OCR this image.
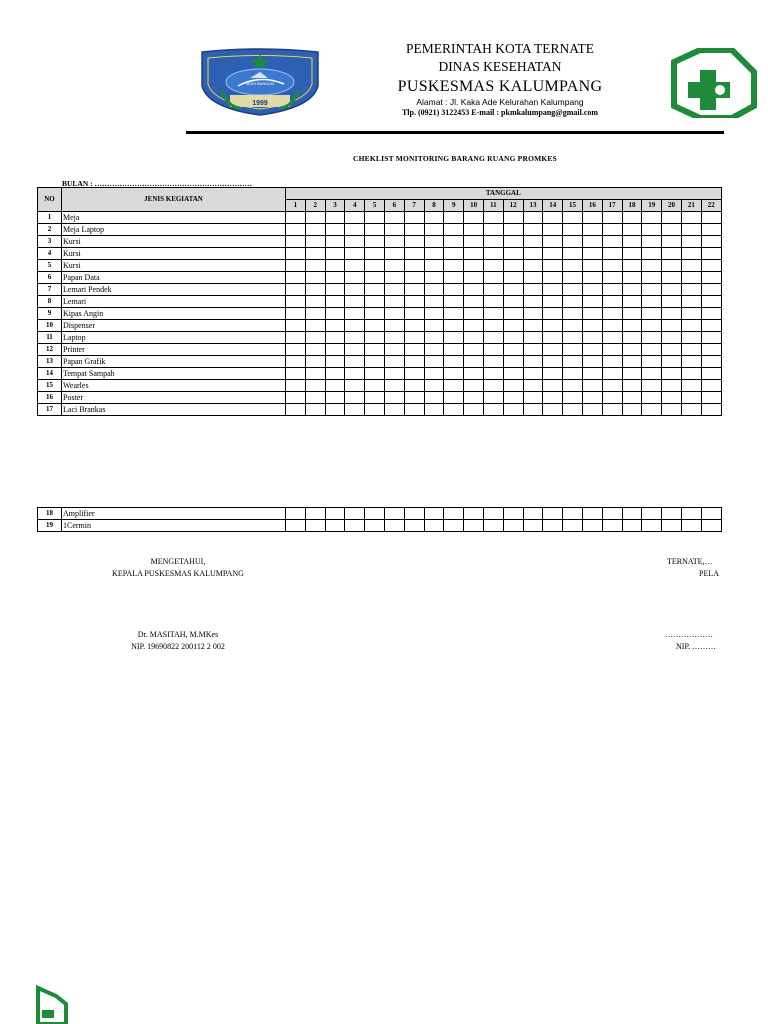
MARI BANGUN
1999
PEMERINTAH KOTA TERNATE
DINAS KESEHATAN
PUSKESMAS KALUMPANG
Alamat : Jl. Kaka Ade Kelurahan Kalumpang
Tlp. (0921) 3122453 E-mail : pkmkalumpang@gmail.com
CHEKLIST MONITORING BARANG RUANG PROMKES
BULAN : ………………………………………………………
NO	JENIS KEGIATAN	TANGGAL																					
		1	2	3	4	5	6	7	8	9	10	11	12	13	14	15	16	17	18	19	20	21	22
1	Meja																						
2	Meja Laptop																						
3	Kursi																						
4	Kursi																						
5	Kursi																						
6	Papan Data																						
7	Lemari Pendek																						
8	Lemari																						
9	Kipas Angin																						
10	Dispenser																						
11	Laptop																						
12	Printer																						
13	Papan Grafik																						
14	Tempat Sampah																						
15	Wearles																						
16	Poster																						
17	Laci Brankas																						
18	Amplifier																						
19	1Cermin																						
MENGETAHUI,
KEPALA PUSKESMAS KALUMPANG
Dr. MASITAH, M.MKes
NIP. 19690822 200112 2 002
TERNATE,…
PELA
………………
NIP. ………
